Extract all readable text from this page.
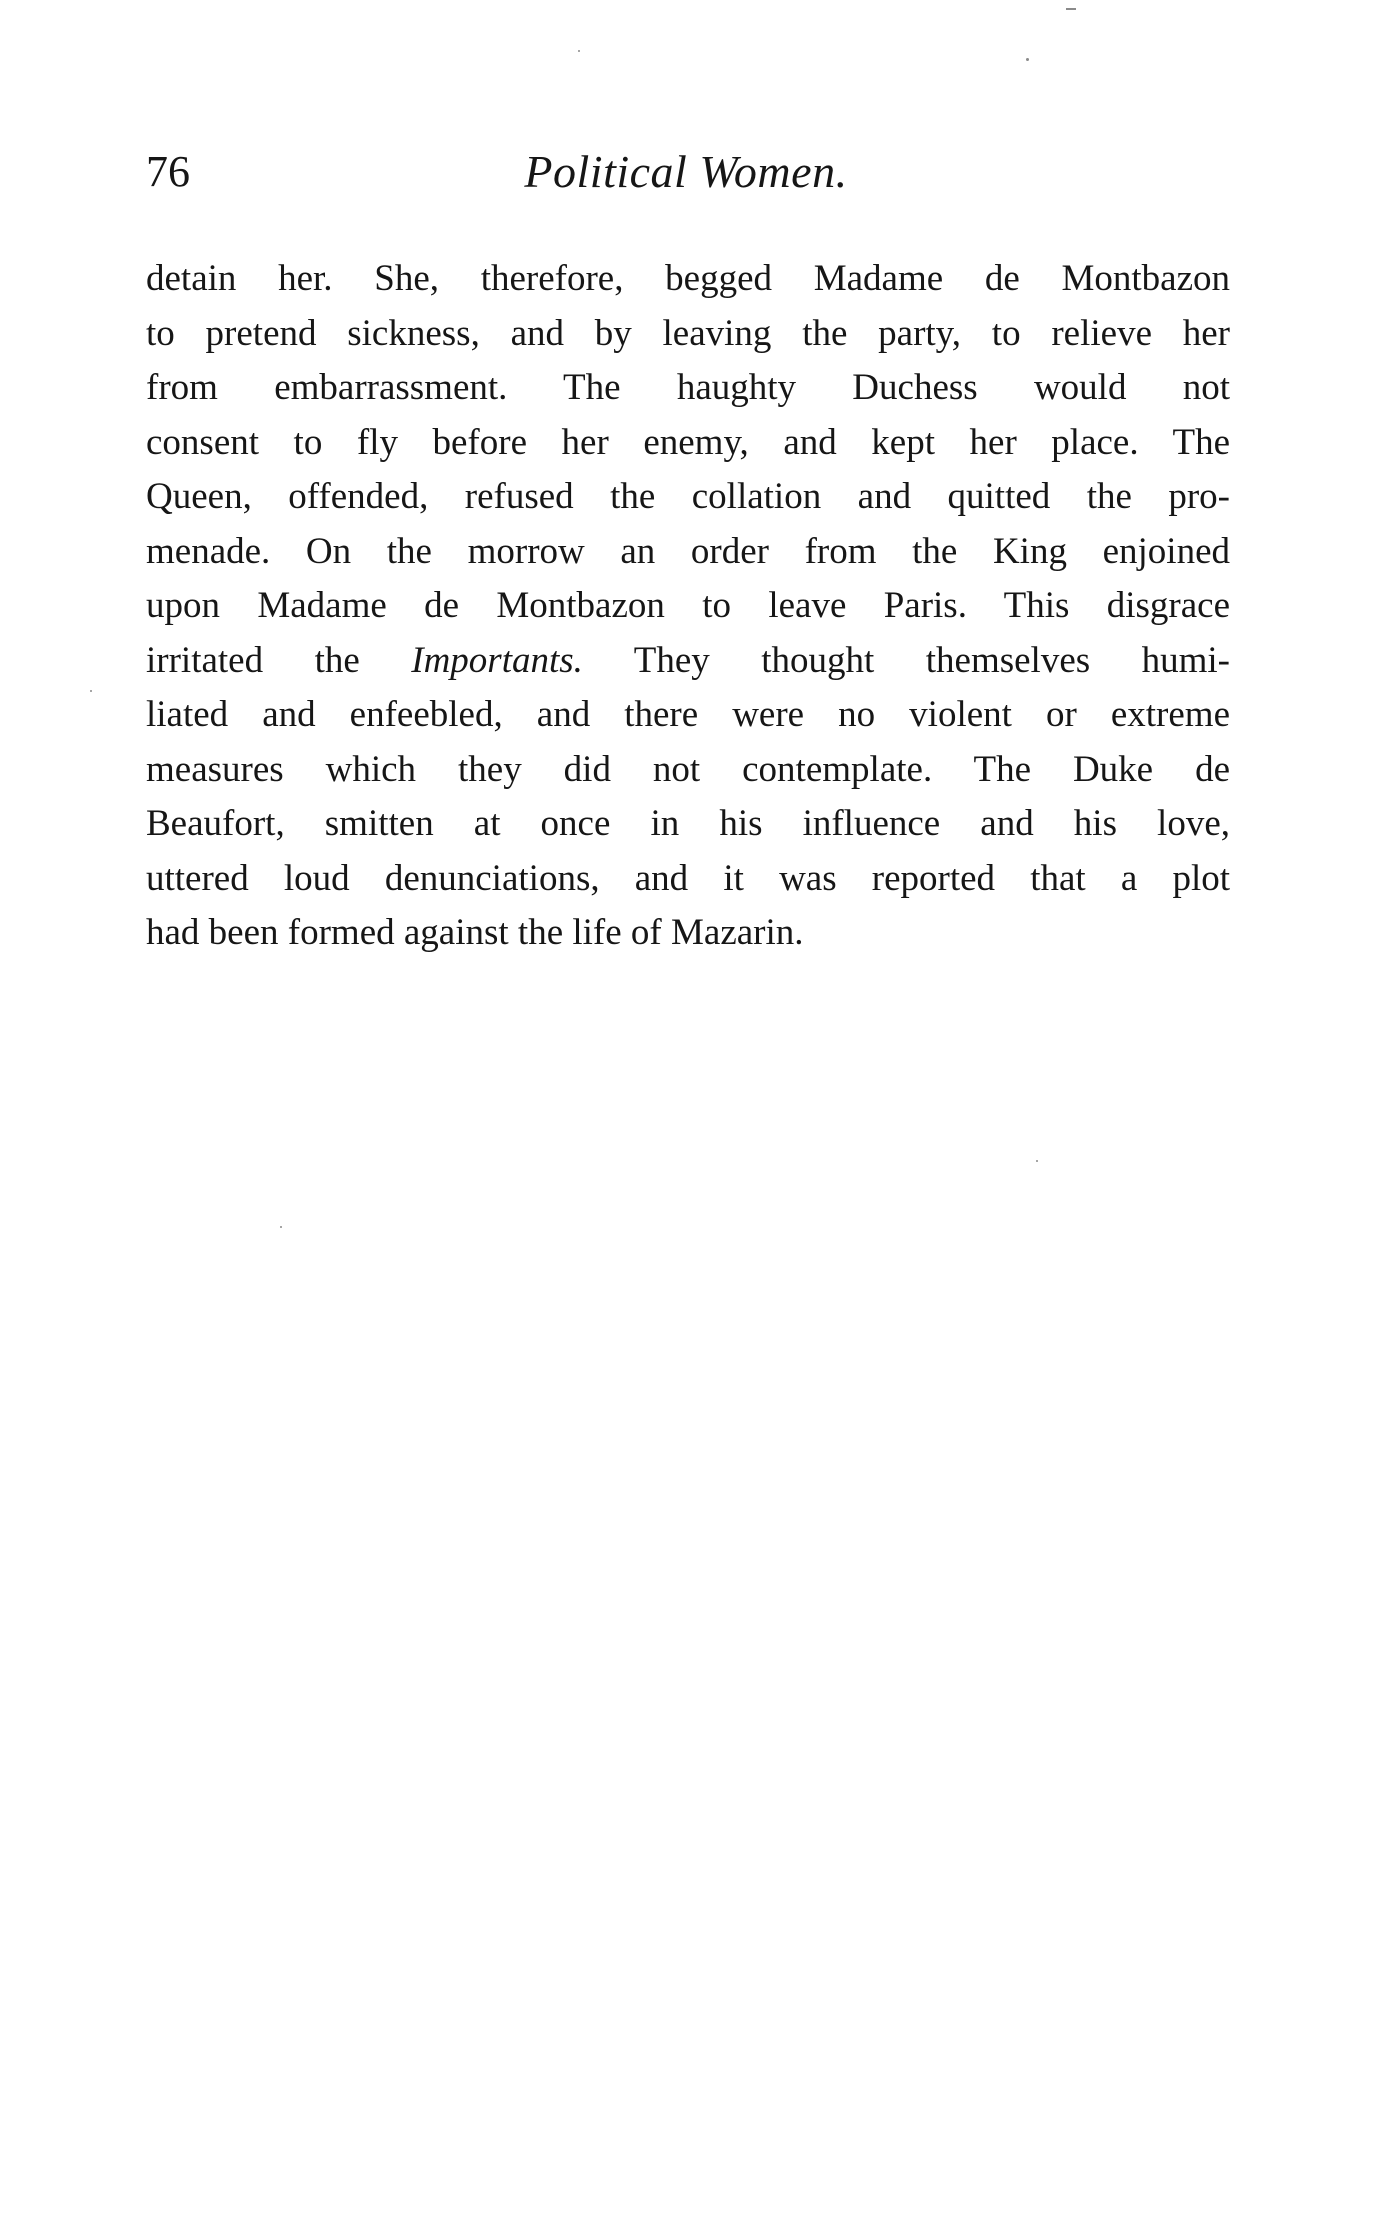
76	Political Women.
detain her. She, therefore, begged Madame de Montbazon
to pretend sickness, and by leaving the party, to relieve her
from embarrassment. The haughty Duchess would not
consent to fly before her enemy, and kept her place. The
Queen, offended, refused the collation and quitted the pro-
menade. On the morrow an order from the King enjoined
upon Madame de Montbazon to leave Paris. This disgrace
irritated the Importants. They thought themselves humi-
liated and enfeebled, and there were no violent or extreme
measures which they did not contemplate. The Duke de
Beaufort, smitten at once in his influence and his love,
uttered loud denunciations, and it was reported that a plot
had been formed against the life of Mazarin.
